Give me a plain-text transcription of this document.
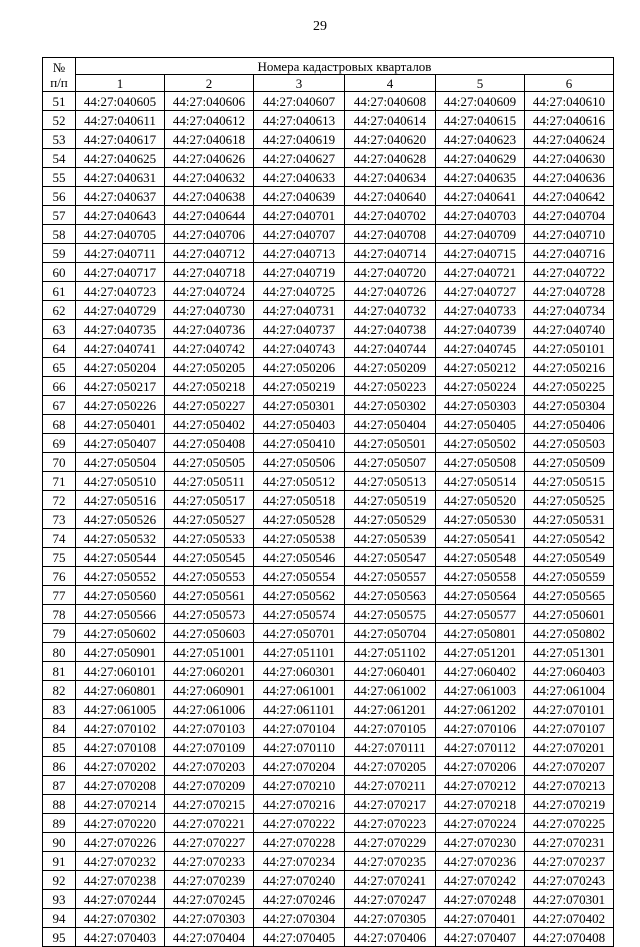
29
№
п/п	Номера кадастровых кварталов					
	1	2	3	4	5	6
51	44:27:040605	44:27:040606	44:27:040607	44:27:040608	44:27:040609	44:27:040610
52	44:27:040611	44:27:040612	44:27:040613	44:27:040614	44:27:040615	44:27:040616
53	44:27:040617	44:27:040618	44:27:040619	44:27:040620	44:27:040623	44:27:040624
54	44:27:040625	44:27:040626	44:27:040627	44:27:040628	44:27:040629	44:27:040630
55	44:27:040631	44:27:040632	44:27:040633	44:27:040634	44:27:040635	44:27:040636
56	44:27:040637	44:27:040638	44:27:040639	44:27:040640	44:27:040641	44:27:040642
57	44:27:040643	44:27:040644	44:27:040701	44:27:040702	44:27:040703	44:27:040704
58	44:27:040705	44:27:040706	44:27:040707	44:27:040708	44:27:040709	44:27:040710
59	44:27:040711	44:27:040712	44:27:040713	44:27:040714	44:27:040715	44:27:040716
60	44:27:040717	44:27:040718	44:27:040719	44:27:040720	44:27:040721	44:27:040722
61	44:27:040723	44:27:040724	44:27:040725	44:27:040726	44:27:040727	44:27:040728
62	44:27:040729	44:27:040730	44:27:040731	44:27:040732	44:27:040733	44:27:040734
63	44:27:040735	44:27:040736	44:27:040737	44:27:040738	44:27:040739	44:27:040740
64	44:27:040741	44:27:040742	44:27:040743	44:27:040744	44:27:040745	44:27:050101
65	44:27:050204	44:27:050205	44:27:050206	44:27:050209	44:27:050212	44:27:050216
66	44:27:050217	44:27:050218	44:27:050219	44:27:050223	44:27:050224	44:27:050225
67	44:27:050226	44:27:050227	44:27:050301	44:27:050302	44:27:050303	44:27:050304
68	44:27:050401	44:27:050402	44:27:050403	44:27:050404	44:27:050405	44:27:050406
69	44:27:050407	44:27:050408	44:27:050410	44:27:050501	44:27:050502	44:27:050503
70	44:27:050504	44:27:050505	44:27:050506	44:27:050507	44:27:050508	44:27:050509
71	44:27:050510	44:27:050511	44:27:050512	44:27:050513	44:27:050514	44:27:050515
72	44:27:050516	44:27:050517	44:27:050518	44:27:050519	44:27:050520	44:27:050525
73	44:27:050526	44:27:050527	44:27:050528	44:27:050529	44:27:050530	44:27:050531
74	44:27:050532	44:27:050533	44:27:050538	44:27:050539	44:27:050541	44:27:050542
75	44:27:050544	44:27:050545	44:27:050546	44:27:050547	44:27:050548	44:27:050549
76	44:27:050552	44:27:050553	44:27:050554	44:27:050557	44:27:050558	44:27:050559
77	44:27:050560	44:27:050561	44:27:050562	44:27:050563	44:27:050564	44:27:050565
78	44:27:050566	44:27:050573	44:27:050574	44:27:050575	44:27:050577	44:27:050601
79	44:27:050602	44:27:050603	44:27:050701	44:27:050704	44:27:050801	44:27:050802
80	44:27:050901	44:27:051001	44:27:051101	44:27:051102	44:27:051201	44:27:051301
81	44:27:060101	44:27:060201	44:27:060301	44:27:060401	44:27:060402	44:27:060403
82	44:27:060801	44:27:060901	44:27:061001	44:27:061002	44:27:061003	44:27:061004
83	44:27:061005	44:27:061006	44:27:061101	44:27:061201	44:27:061202	44:27:070101
84	44:27:070102	44:27:070103	44:27:070104	44:27:070105	44:27:070106	44:27:070107
85	44:27:070108	44:27:070109	44:27:070110	44:27:070111	44:27:070112	44:27:070201
86	44:27:070202	44:27:070203	44:27:070204	44:27:070205	44:27:070206	44:27:070207
87	44:27:070208	44:27:070209	44:27:070210	44:27:070211	44:27:070212	44:27:070213
88	44:27:070214	44:27:070215	44:27:070216	44:27:070217	44:27:070218	44:27:070219
89	44:27:070220	44:27:070221	44:27:070222	44:27:070223	44:27:070224	44:27:070225
90	44:27:070226	44:27:070227	44:27:070228	44:27:070229	44:27:070230	44:27:070231
91	44:27:070232	44:27:070233	44:27:070234	44:27:070235	44:27:070236	44:27:070237
92	44:27:070238	44:27:070239	44:27:070240	44:27:070241	44:27:070242	44:27:070243
93	44:27:070244	44:27:070245	44:27:070246	44:27:070247	44:27:070248	44:27:070301
94	44:27:070302	44:27:070303	44:27:070304	44:27:070305	44:27:070401	44:27:070402
95	44:27:070403	44:27:070404	44:27:070405	44:27:070406	44:27:070407	44:27:070408
